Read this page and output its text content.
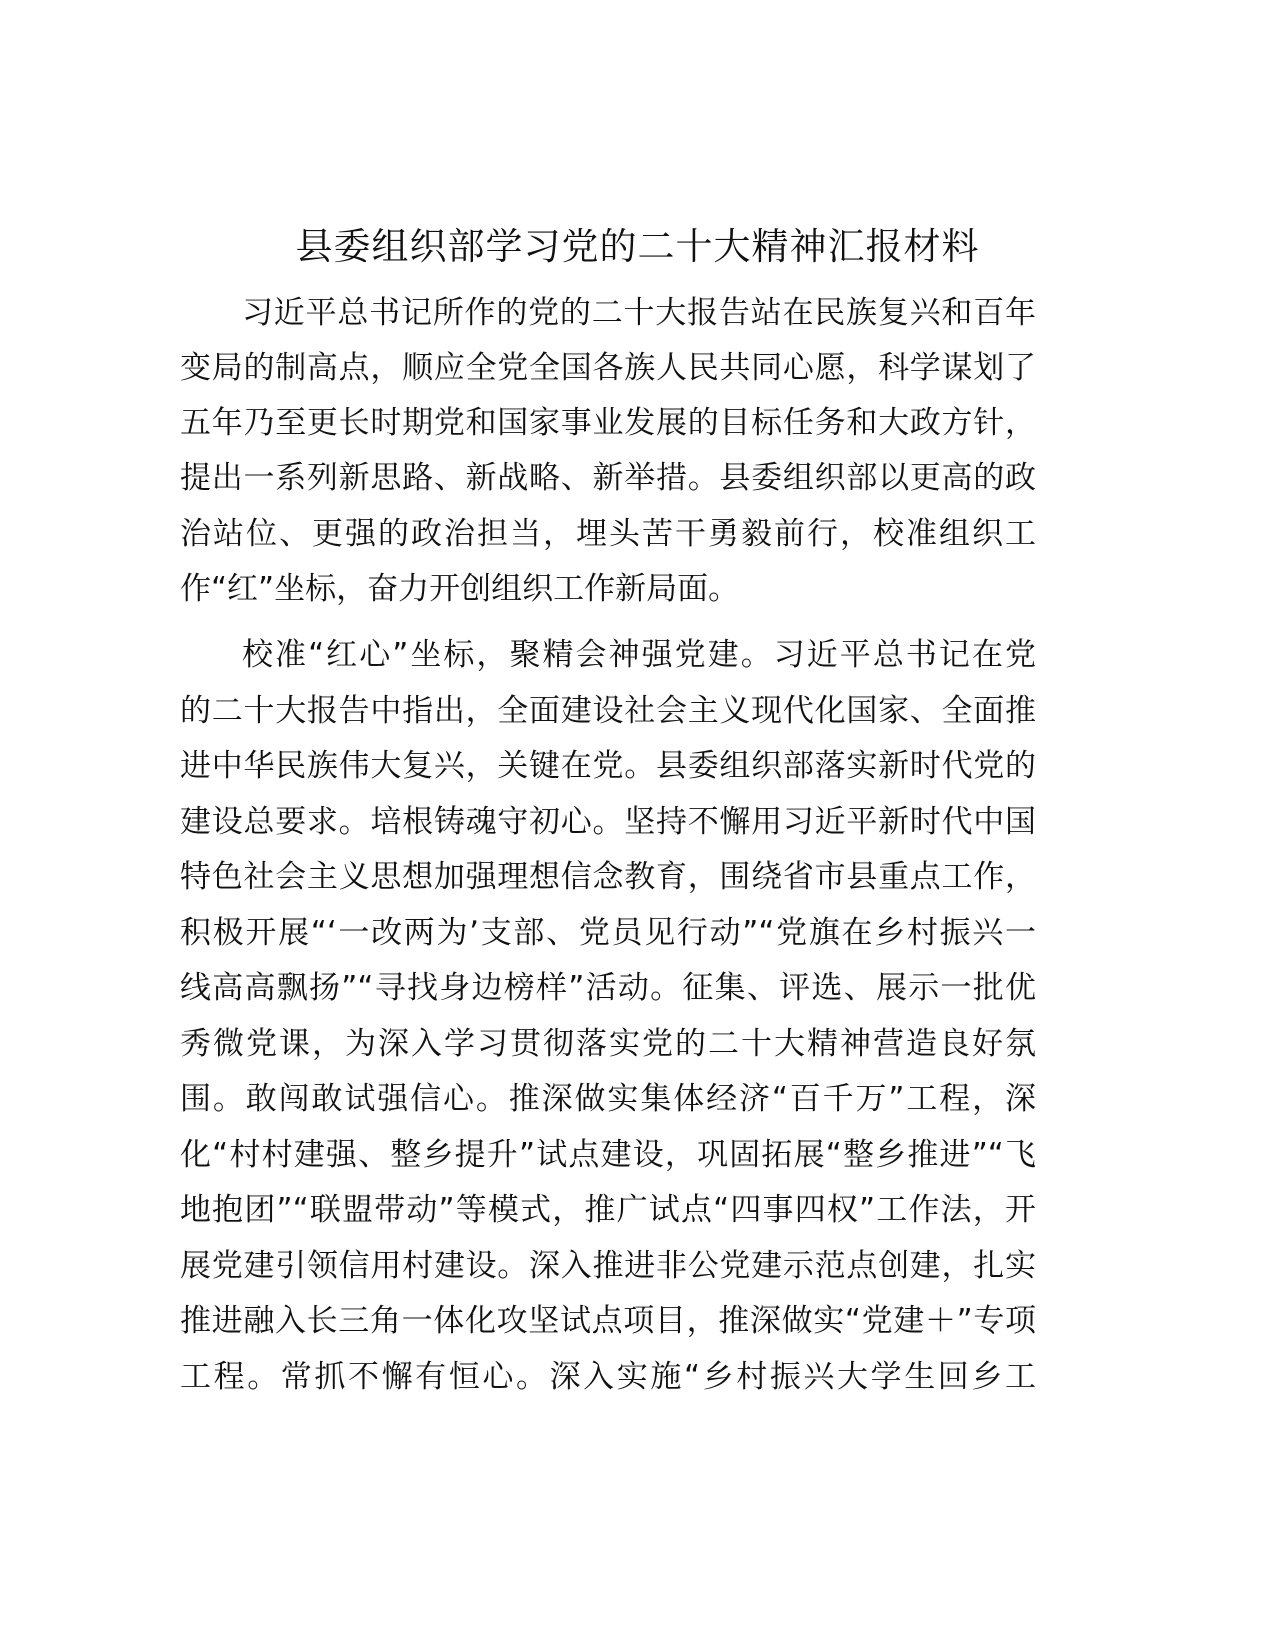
县委组织部学习党的二十大精神汇报材料
习近平总书记所作的党的二十大报告站在民族复兴和百年
变局的制高点，顺应全党全国各族人民共同心愿，科学谋划了
五年乃至更长时期党和国家事业发展的目标任务和大政方针，
提出一系列新思路、新战略、新举措。县委组织部以更高的政
治站位、更强的政治担当，埋头苦干勇毅前行，校准组织工
作“红”坐标，奋力开创组织工作新局面。
校准“红心”坐标，聚精会神强党建。习近平总书记在党
的二十大报告中指出，全面建设社会主义现代化国家、全面推
进中华民族伟大复兴，关键在党。县委组织部落实新时代党的
建设总要求。培根铸魂守初心。坚持不懈用习近平新时代中国
特色社会主义思想加强理想信念教育，围绕省市县重点工作，
积极开展“‘一改两为’支部、党员见行动”“党旗在乡村振兴一
线高高飘扬”“寻找身边榜样”活动。征集、评选、展示一批优
秀微党课，为深入学习贯彻落实党的二十大精神营造良好氛
围。敢闯敢试强信心。推深做实集体经济“百千万”工程，深
化“村村建强、整乡提升”试点建设，巩固拓展“整乡推进”“飞
地抱团”“联盟带动”等模式，推广试点“四事四权”工作法，开
展党建引领信用村建设。深入推进非公党建示范点创建，扎实
推进融入长三角一体化攻坚试点项目，推深做实“党建＋”专项
工程。常抓不懈有恒心。深入实施“乡村振兴大学生回乡工
